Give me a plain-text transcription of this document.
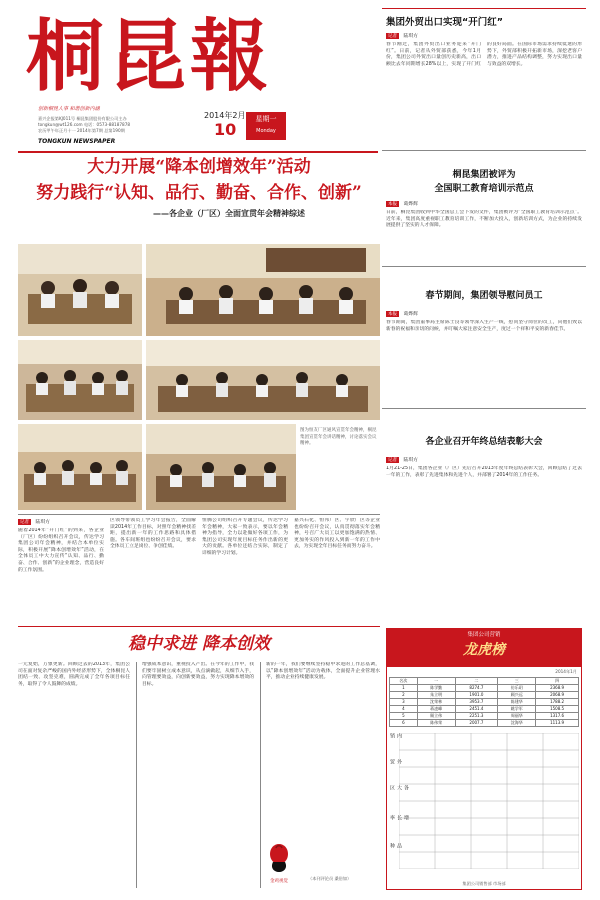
桐昆報
创新桐昆人事 和谐创新内涵
嘉兴企报第KJ011号 桐昆集团股份有限公司主办
tongkun@wt126.com 电话：0573-88187878
农历甲午年正月十一 2014年第7期 总第190期
TONGKUN NEWSPAPER
2014年2月
10
星期一
Monday
集团外贸出口实现“开门红”
记者 陆琪方
春节刚过，集团外贸出口业务迎来“开门红”。日前，记者从外贸部获悉，今年1月份，集团公司外贸出口量创历史新高，出口额比去年同期增长28%以上，实现了开门红的良好局面。在国际市场需求持续低迷的形势下，外贸部积极开拓新市场，深挖老客户潜力，推进产品结构调整，努力实现出口量与效益的双增长。
大力开展“降本创增效年”活动
努力践行“认知、品行、勤奋、合作、创新”
——各企业（厂区）全面宣贯年会精神综述
图为恒友厂区通风宣贯年会精神，桐昆集团宣贯年会讲话精神，讨论落实会议精神。
记者 陆琪方
随着2014年“开门红”的到来，各企业（厂区）纷纷组织召开会议，传达学习集团公司年会精神，并结合本单位实际，积极开展“降本创增效年”活动，在全体员工中大力宣传“认知、品行、勤奋、合作、创新”的企业理念，营造良好的工作氛围。
区领导带领员工学习年会报告，全面解读2014年工作目标，对照年会精神找差距，提出新一年的工作思路和具体措施。各车间班组也纷纷召开会议，要求全体员工立足岗位、争创佳绩。
恒腾公司组织召开专题会议，传达学习年会精神，大家一致表示，要以年会精神为指导，全力以赴做好各项工作，为集团公司实现年度目标任务作出新的更大的贡献。各单位还结合实际，制定了详细的学习计划。
嘉兴石化、恒邦厂区、宇欣厂区等企业也纷纷召开会议，认真贯彻落实年会精神，号召广大员工以更加饱满的热情、更加务实的作风投入到新一年的工作中去，为实现全年目标任务而努力奋斗。
稳中求进 降本创效
一元复始，万象更新。回顾过去的2013年，集团公司在面对复杂严峻的国内外经济形势下，全体桐昆人团结一致、攻坚克难，圆满完成了全年各项目标任务，取得了令人鼓舞的成绩。
增强成本意识，重视投入产出。在今年的工作中，我们要牢固树立成本意识，从点滴做起，从细节入手，向管理要效益，向创新要效益，努力实现降本增效的目标。
新的一年，我们要继续坚持稳中求进的工作总基调，以“降本创增效年”活动为载体，全面提升企业管理水平，推动企业持续健康发展。
（本刊评论员 桑俗如）
桐昆集团被评为
全国职工教育培训示范点
本报 葛烨辉
日前，桐昆集团收到中华全国总工会下发的文件，集团被评为“全国职工教育培训示范点”。近年来，集团高度重视职工教育培训工作，不断加大投入，创新培训方式，为企业的持续发展提供了坚实的人才保障。
春节期间，集团领导慰问员工
本报 葛烨辉
春节期间，集团董事局主席陈士良等领导深入生产一线，慰问坚守岗位的员工，向他们致以新春的祝福和亲切的问候，并叮嘱大家注意安全生产，度过一个祥和平安的新春佳节。
各企业召开年终总结表彰大会
记者 陆琪方
1月21-25日，集团各企业（厂区）先后召开2013年度年终总结表彰大会，回顾总结了过去一年的工作，表彰了先进集体和先进个人，并部署了2014年的工作任务。
集团公司营销
龙虎榜
2014年1月
名次	一	二	三	四
1	陈学勤	8274.7	仿乐玥	2368.9
2	朱立明	1901.0	顾兴远	2068.9
3	沈荣林	3953.7	陈建华	1788.2
4	蒋凌峰	2451.4	姚学军	1508.5
5	顾立伟	2251.3	周丽华	1317.6
6	陈伟荣	2007.7	沈海华	1113.9
内销
外贸
各大区
增长率
品种
集团公司销售部 市场部
金鸡视觉
